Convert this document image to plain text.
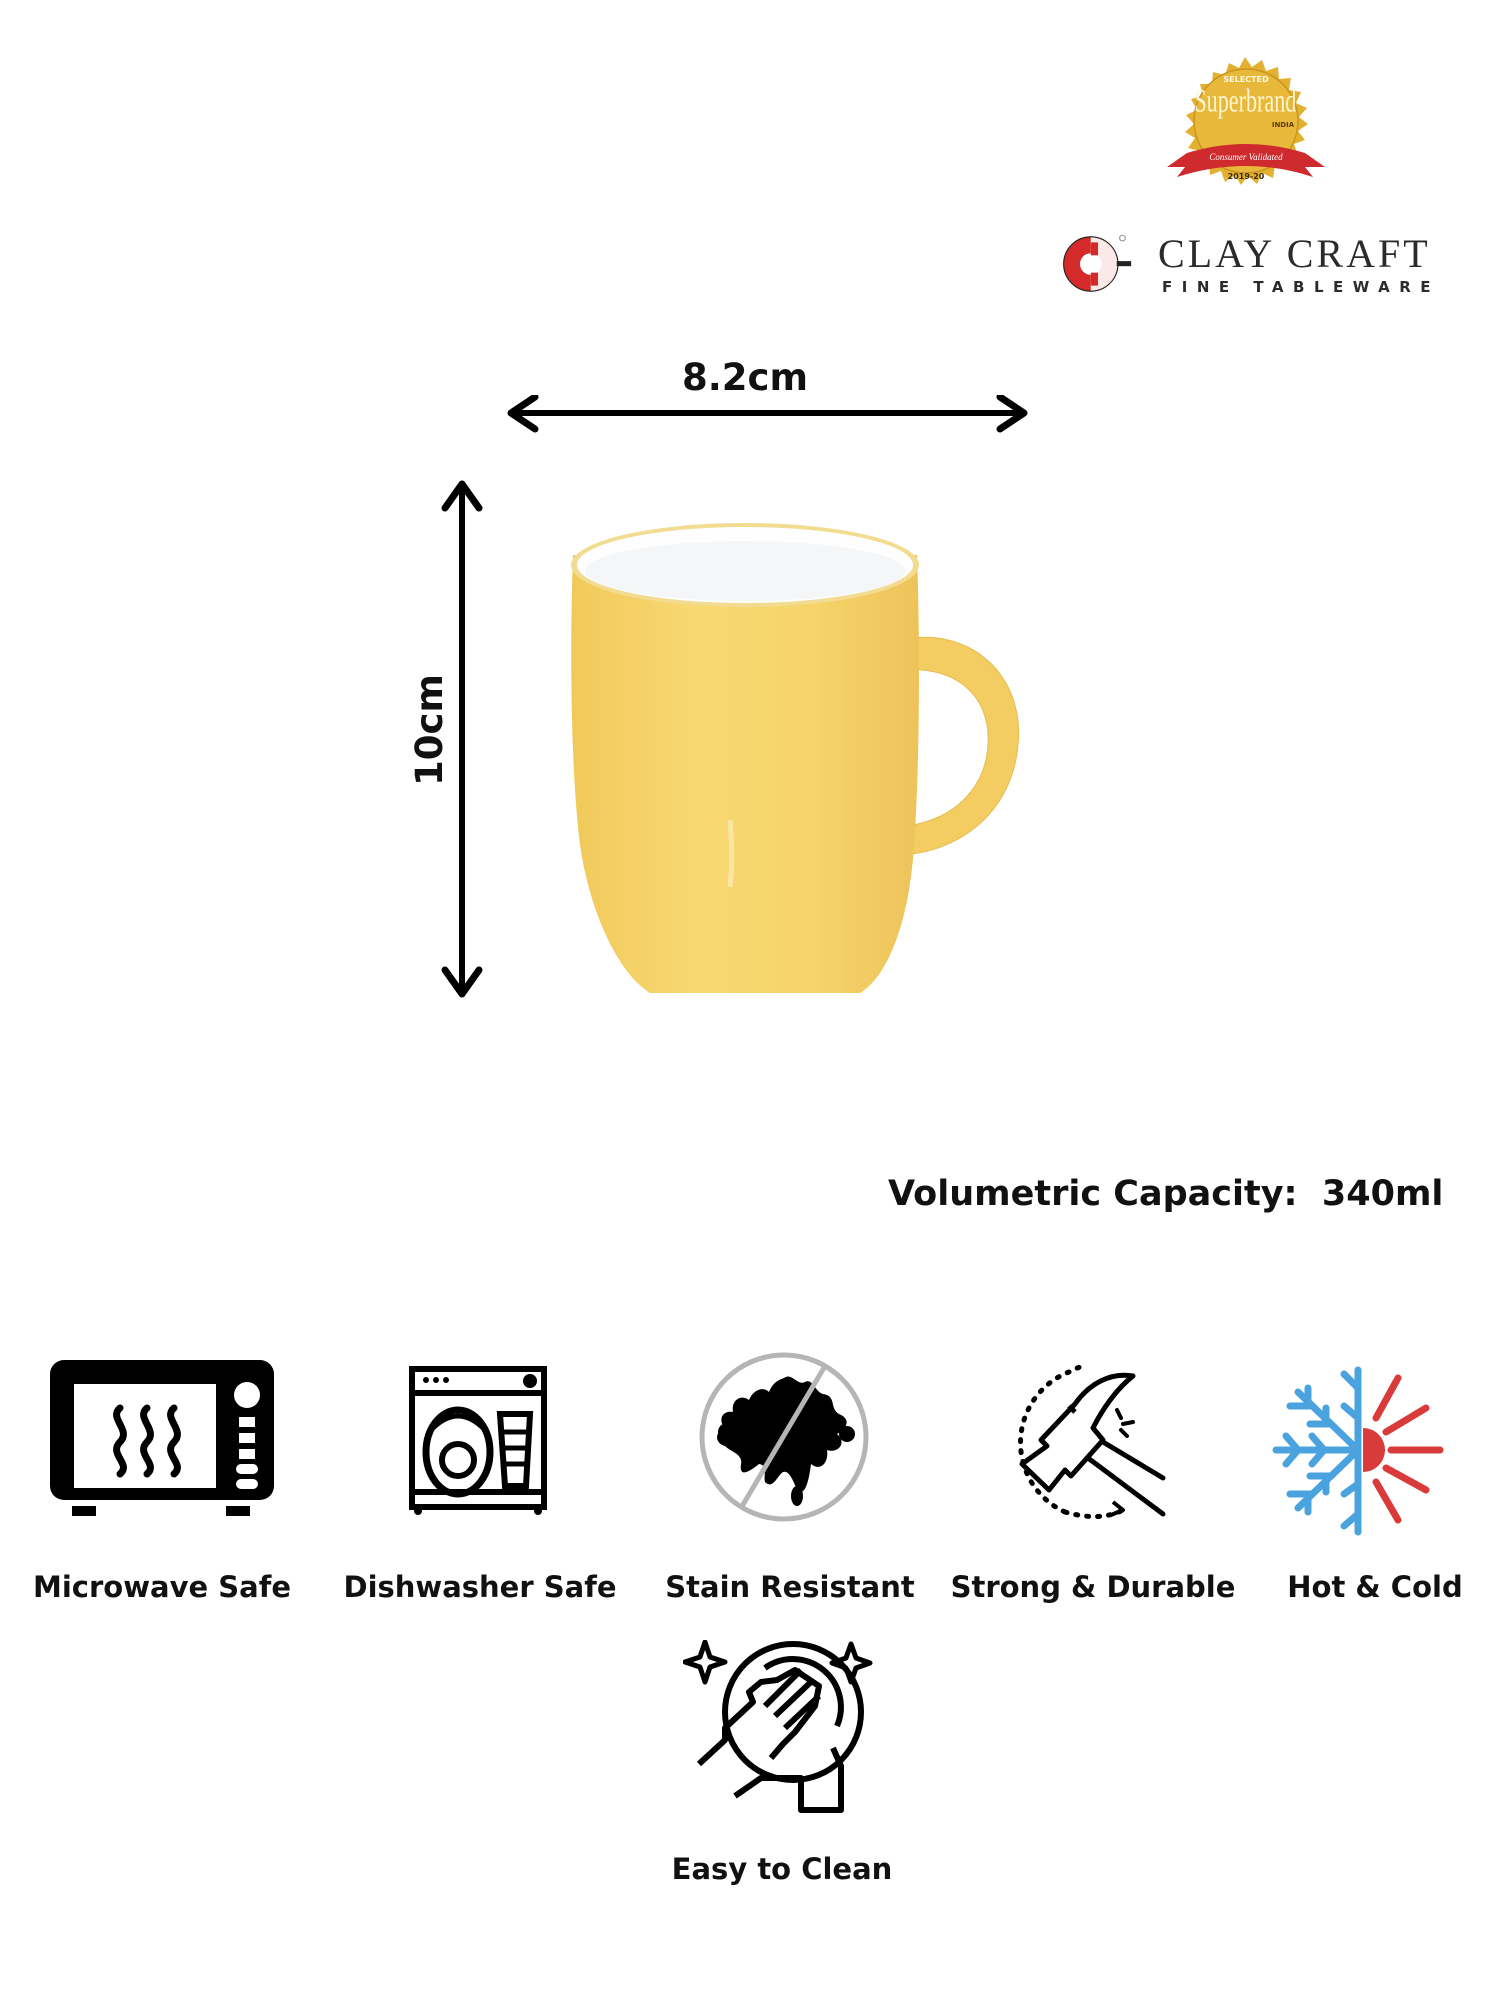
SELECTED
Superbrand
INDIA
Consumer Validated
2019-20
CLAY CRAFT
FINE TABLEWARE
8.2cm
10cm
Volumetric Capacity: 340ml
Microwave Safe	Dishwasher Safe	Stain Resistant	Strong & Durable	Hot & Cold
Easy to Clean
